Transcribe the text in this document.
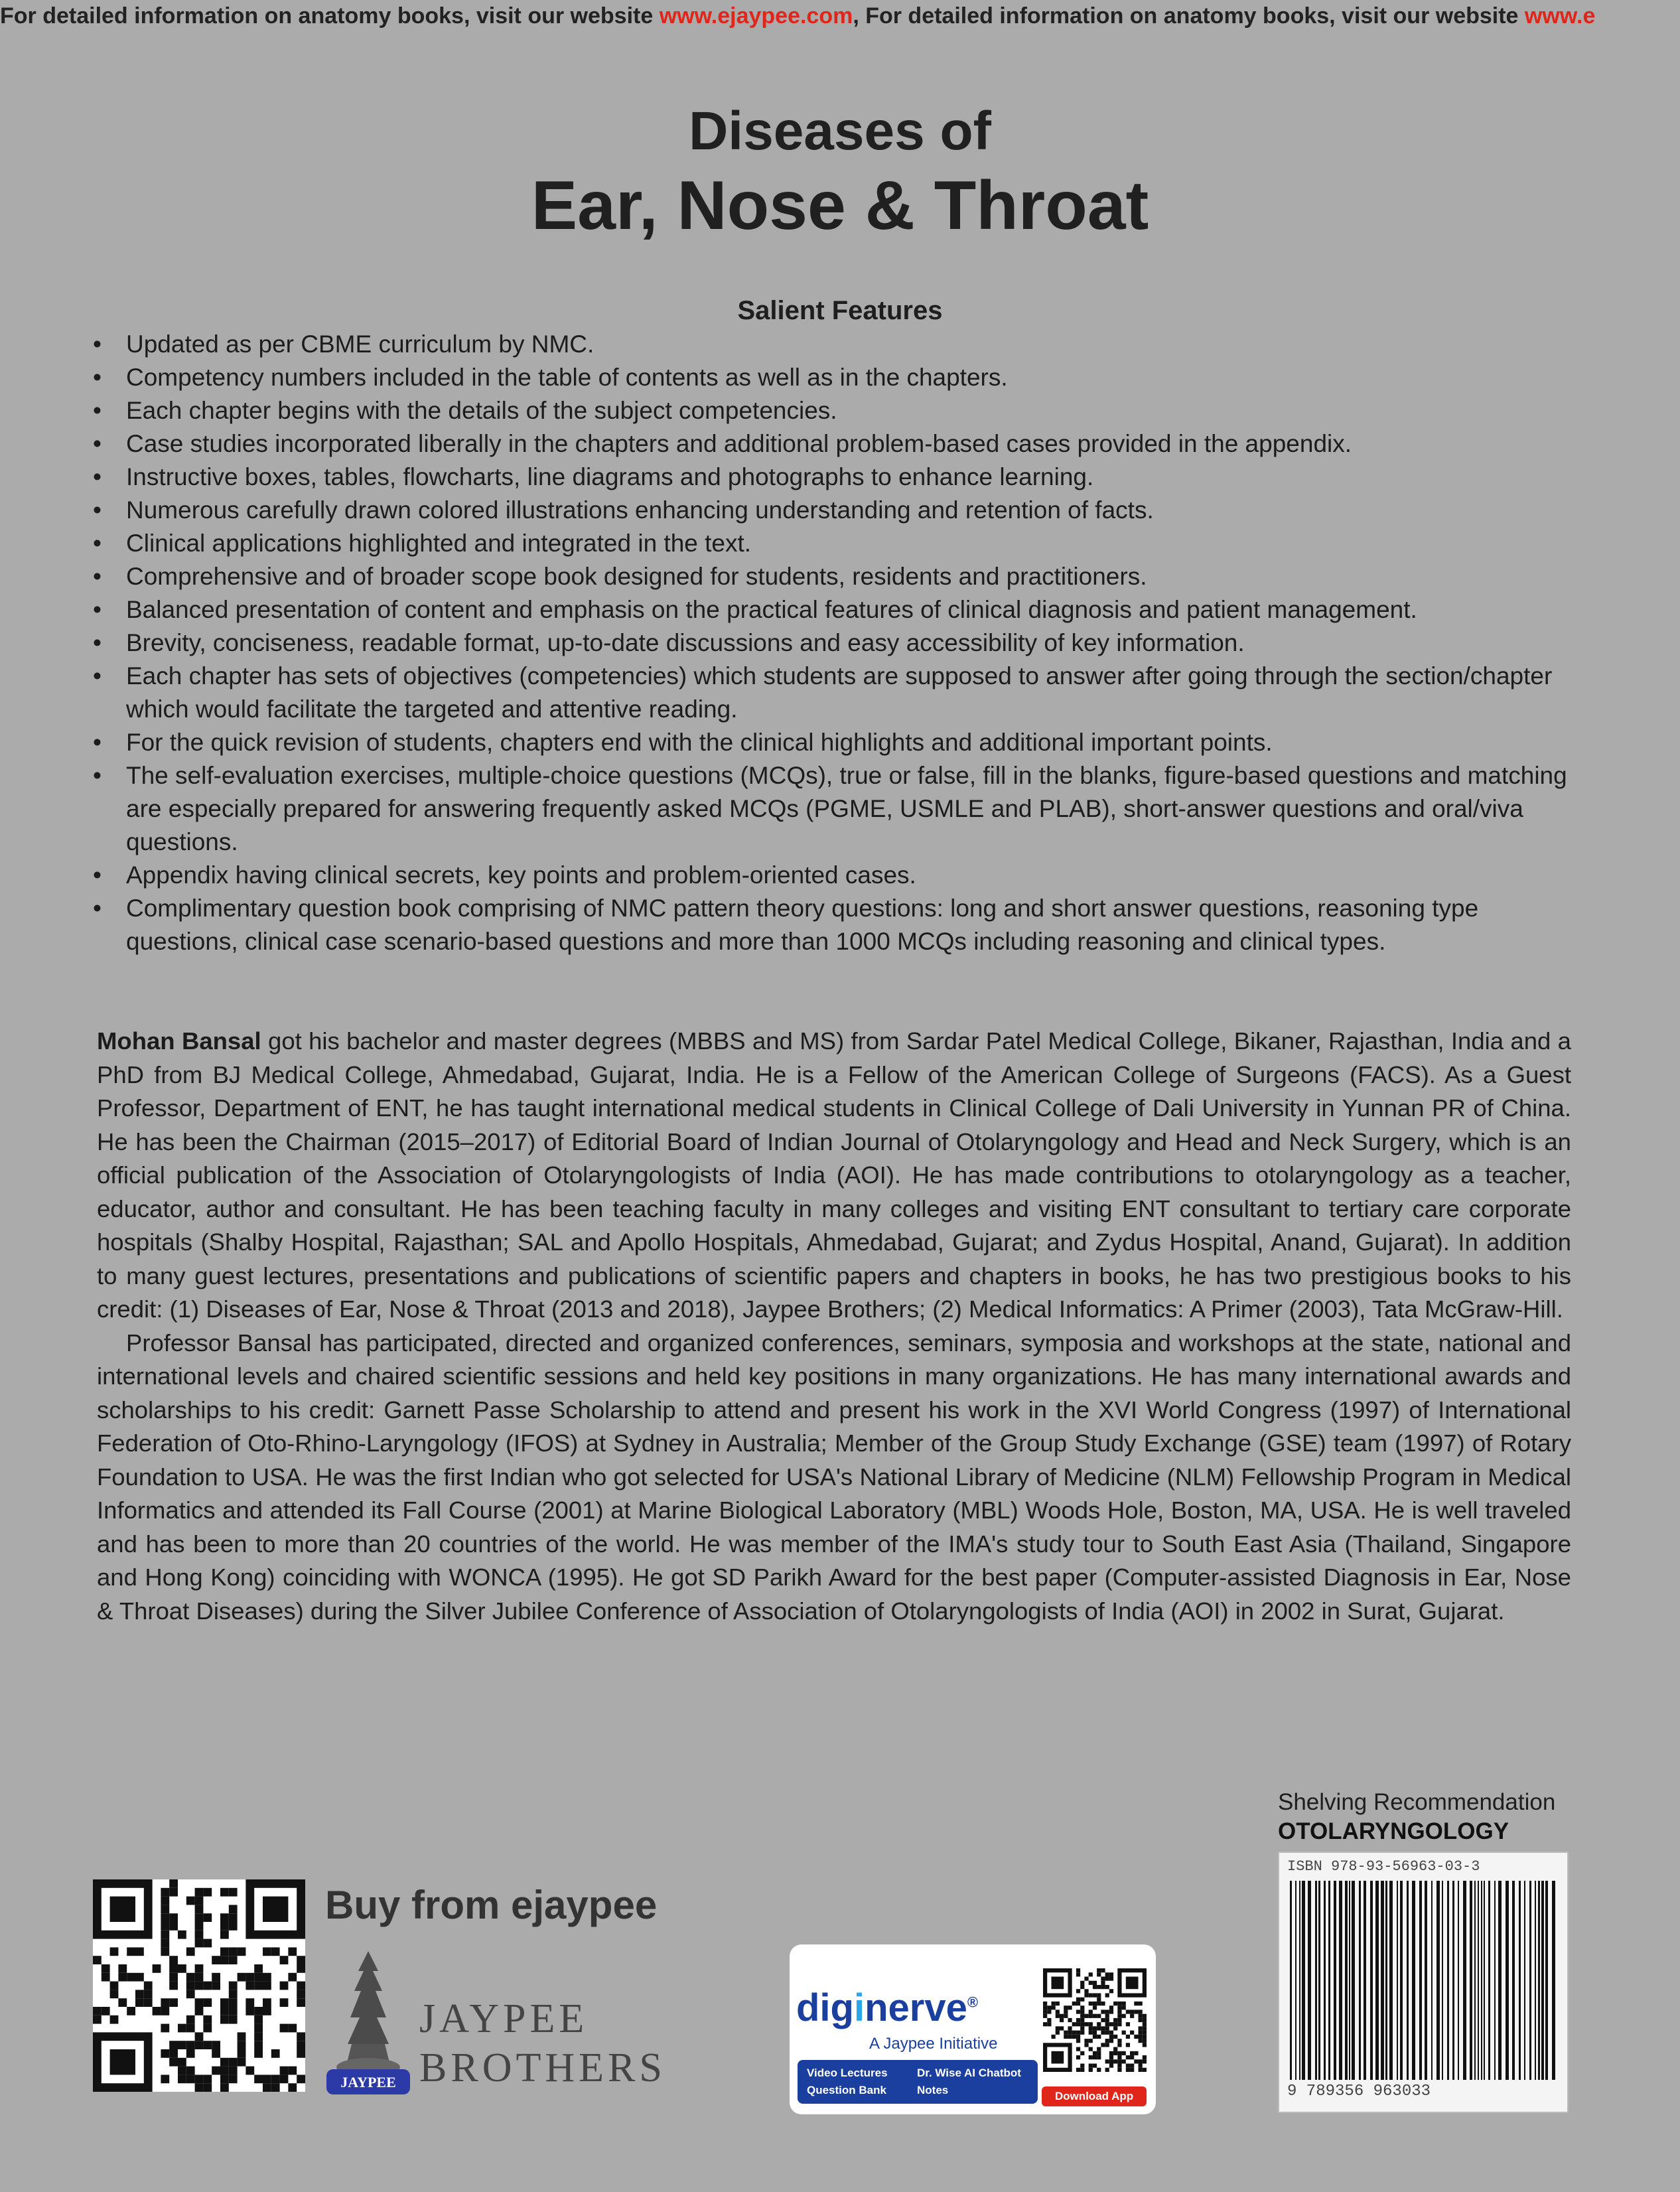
For detailed information on anatomy books, visit our website www.ejaypee.com, For detailed information on anatomy books, visit our website www.e
Diseases of
Ear, Nose & Throat
Salient Features
• Updated as per CBME curriculum by NMC.
• Competency numbers included in the table of contents as well as in the chapters.
• Each chapter begins with the details of the subject competencies.
• Case studies incorporated liberally in the chapters and additional problem-based cases provided in the appendix.
• Instructive boxes, tables, flowcharts, line diagrams and photographs to enhance learning.
• Numerous carefully drawn colored illustrations enhancing understanding and retention of facts.
• Clinical applications highlighted and integrated in the text.
• Comprehensive and of broader scope book designed for students, residents and practitioners.
• Balanced presentation of content and emphasis on the practical features of clinical diagnosis and patient management.
• Brevity, conciseness, readable format, up-to-date discussions and easy accessibility of key information.
• Each chapter has sets of objectives (competencies) which students are supposed to answer after going through the section/chapter which would facilitate the targeted and attentive reading.
• For the quick revision of students, chapters end with the clinical highlights and additional important points.
• The self-evaluation exercises, multiple-choice questions (MCQs), true or false, fill in the blanks, figure-based questions and matching are especially prepared for answering frequently asked MCQs (PGME, USMLE and PLAB), short-answer questions and oral/viva questions.
• Appendix having clinical secrets, key points and problem-oriented cases.
• Complimentary question book comprising of NMC pattern theory questions: long and short answer questions, reasoning type questions, clinical case scenario-based questions and more than 1000 MCQs including reasoning and clinical types.

Mohan Bansal got his bachelor and master degrees (MBBS and MS) from Sardar Patel Medical College, Bikaner, Rajasthan, India and a PhD from BJ Medical College, Ahmedabad, Gujarat, India. He is a Fellow of the American College of Surgeons (FACS). As a Guest Professor, Department of ENT, he has taught international medical students in Clinical College of Dali University in Yunnan PR of China. He has been the Chairman (2015–2017) of Editorial Board of Indian Journal of Otolaryngology and Head and Neck Surgery, which is an official publication of the Association of Otolaryngologists of India (AOI). He has made contributions to otolaryngology as a teacher, educator, author and consultant. He has been teaching faculty in many colleges and visiting ENT consultant to tertiary care corporate hospitals (Shalby Hospital, Rajasthan; SAL and Apollo Hospitals, Ahmedabad, Gujarat; and Zydus Hospital, Anand, Gujarat). In addition to many guest lectures, presentations and publications of scientific papers and chapters in books, he has two prestigious books to his credit: (1) Diseases of Ear, Nose & Throat (2013 and 2018), Jaypee Brothers; (2) Medical Informatics: A Primer (2003), Tata McGraw-Hill.

Professor Bansal has participated, directed and organized conferences, seminars, symposia and workshops at the state, national and international levels and chaired scientific sessions and held key positions in many organizations. He has many international awards and scholarships to his credit: Garnett Passe Scholarship to attend and present his work in the XVI World Congress (1997) of International Federation of Oto-Rhino-Laryngology (IFOS) at Sydney in Australia; Member of the Group Study Exchange (GSE) team (1997) of Rotary Foundation to USA. He was the first Indian who got selected for USA's National Library of Medicine (NLM) Fellowship Program in Medical Informatics and attended its Fall Course (2001) at Marine Biological Laboratory (MBL) Woods Hole, Boston, MA, USA. He is well traveled and has been to more than 20 countries of the world. He was member of the IMA's study tour to South East Asia (Thailand, Singapore and Hong Kong) coinciding with WONCA (1995). He got SD Parikh Award for the best paper (Computer-assisted Diagnosis in Ear, Nose & Throat Diseases) during the Silver Jubilee Conference of Association of Otolaryngologists of India (AOI) in 2002 in Surat, Gujarat.

Shelving Recommendation
OTOLARYNGOLOGY
ISBN 978-93-56963-03-3
9 789356 963033
Buy from ejaypee
JAYPEE
JAYPEE
BROTHERS
diginerve®
A Jaypee Initiative
Video Lectures	Dr. Wise AI Chatbot
Question Bank	Notes	Download App
